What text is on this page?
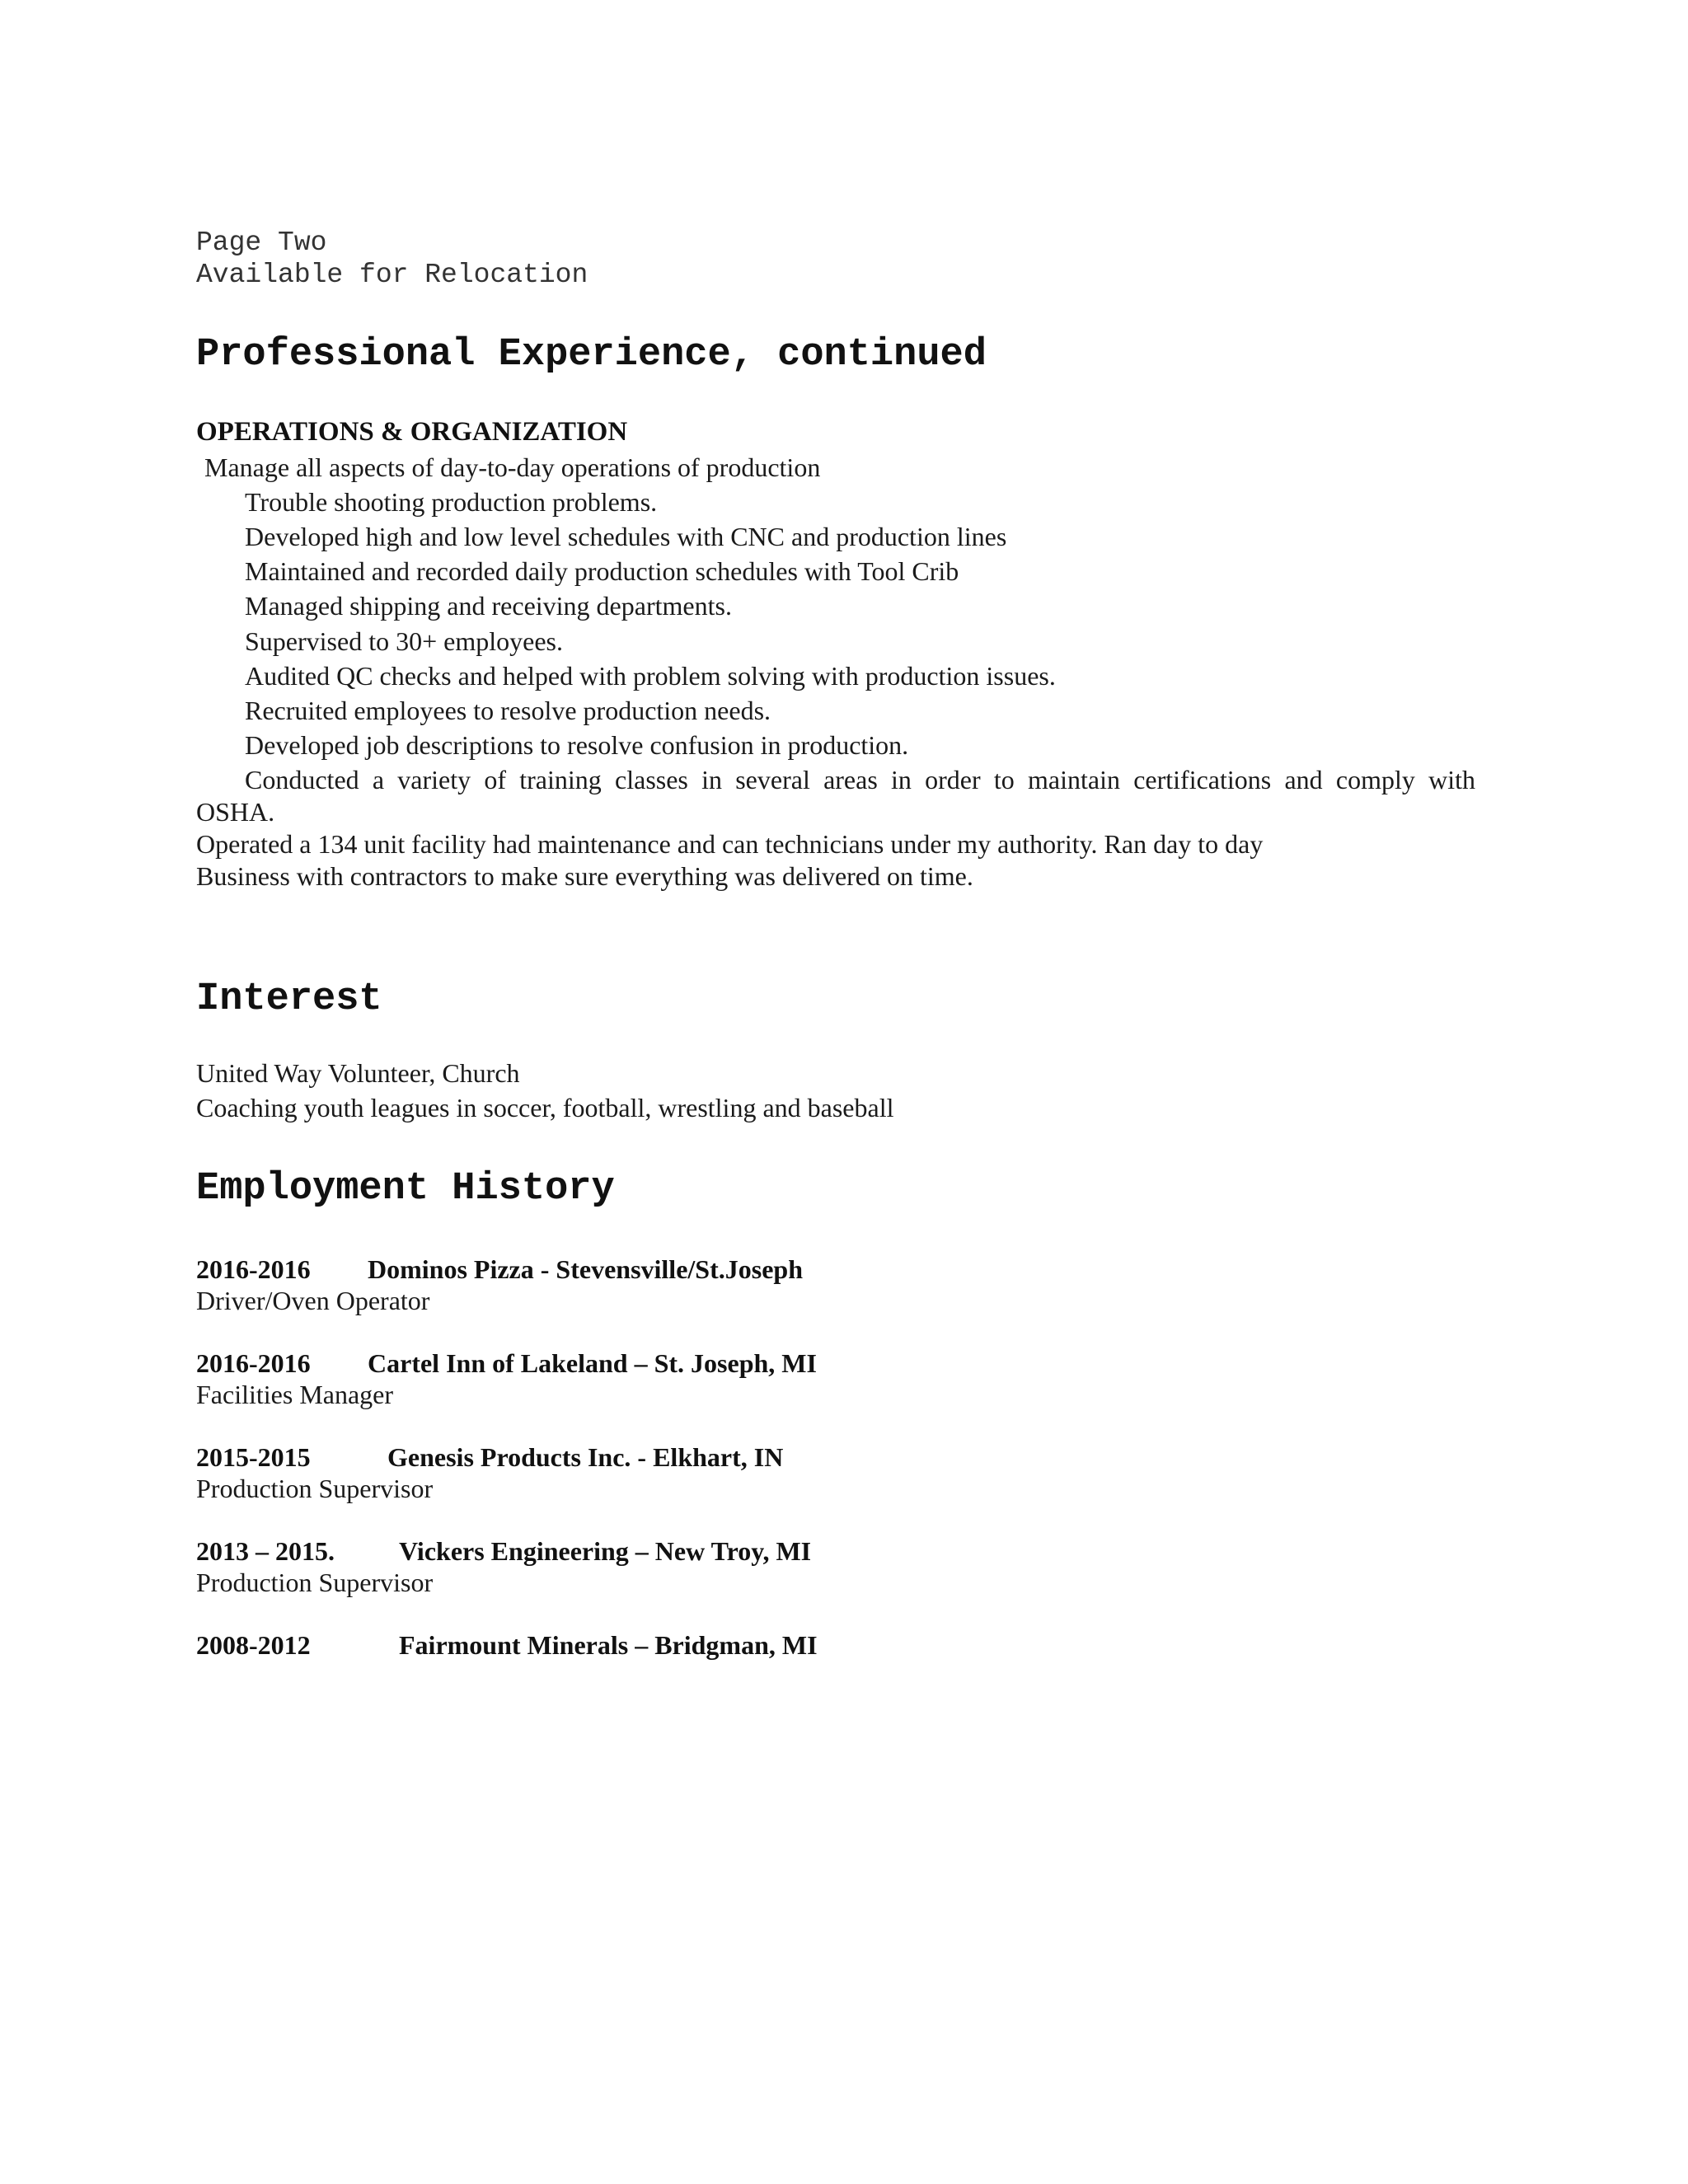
Page Two
Available for Relocation
Professional Experience, continued
OPERATIONS & ORGANIZATION
Manage all aspects of day-to-day operations of production
Trouble shooting production problems.
Developed high and low level schedules with CNC and production lines
Maintained and recorded daily production schedules with Tool Crib
Managed shipping and receiving departments.
Supervised to 30+ employees.
Audited QC checks and helped with problem solving with production issues.
Recruited employees to resolve production needs.
Developed job descriptions to resolve confusion in production.
Conducted a variety of training classes in several areas in order to maintain certifications and comply with
OSHA.
Operated a 134 unit facility had maintenance and can technicians under my authority. Ran day to day
Business with contractors to make sure everything was delivered on time.
Interest
United Way Volunteer, Church
Coaching youth leagues in soccer, football, wrestling and baseball
Employment History
2016-2016 Dominos Pizza - Stevensville/St.Joseph
Driver/Oven Operator
2016-2016 Cartel Inn of Lakeland – St. Joseph, MI
Facilities Manager
2015-2015	Genesis Products Inc. - Elkhart, IN
Production Supervisor
2013 – 2015. Vickers Engineering – New Troy, MI
Production Supervisor
2008-2012	Fairmount Minerals – Bridgman, MI
